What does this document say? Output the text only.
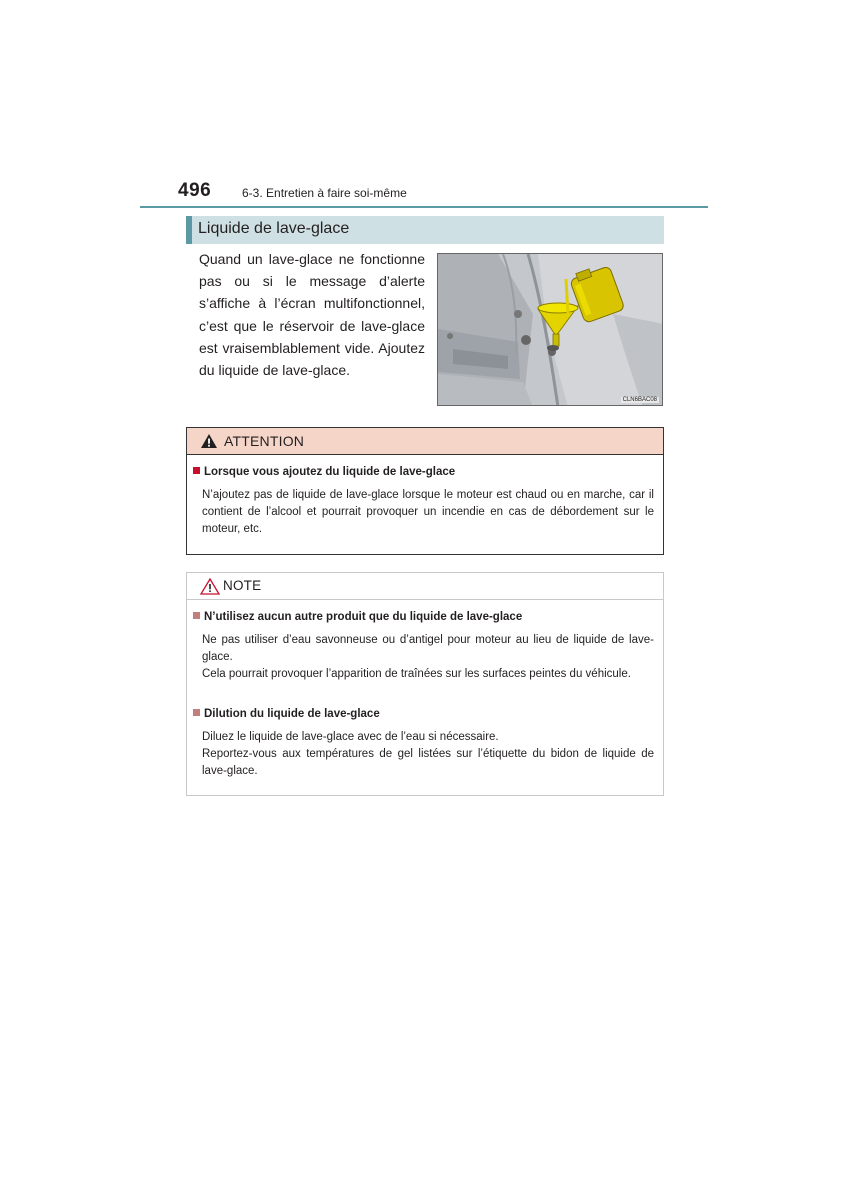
496	6-3. Entretien à faire soi-même
Liquide de lave-glace

Quand un lave-glace ne fonctionne pas ou si le message d’alerte s’affiche à l’écran multifonctionnel, c’est que le réservoir de lave-glace est vraisemblablement vide. Ajoutez du liquide de lave-glace.

CLN6BAC08
ATTENTION
Lorsque vous ajoutez du liquide de lave-glace

N’ajoutez pas de liquide de lave-glace lorsque le moteur est chaud ou en marche, car il contient de l’alcool et pourrait provoquer un incendie en cas de débordement sur le moteur, etc.

NOTE
N’utilisez aucun autre produit que du liquide de lave-glace

Ne pas utiliser d’eau savonneuse ou d’antigel pour moteur au lieu de liquide de lave-glace.

Cela pourrait provoquer l’apparition de traînées sur les surfaces peintes du véhicule.

Dilution du liquide de lave-glace

Diluez le liquide de lave-glace avec de l’eau si nécessaire.

Reportez-vous aux températures de gel listées sur l’étiquette du bidon de liquide de lave-glace.
